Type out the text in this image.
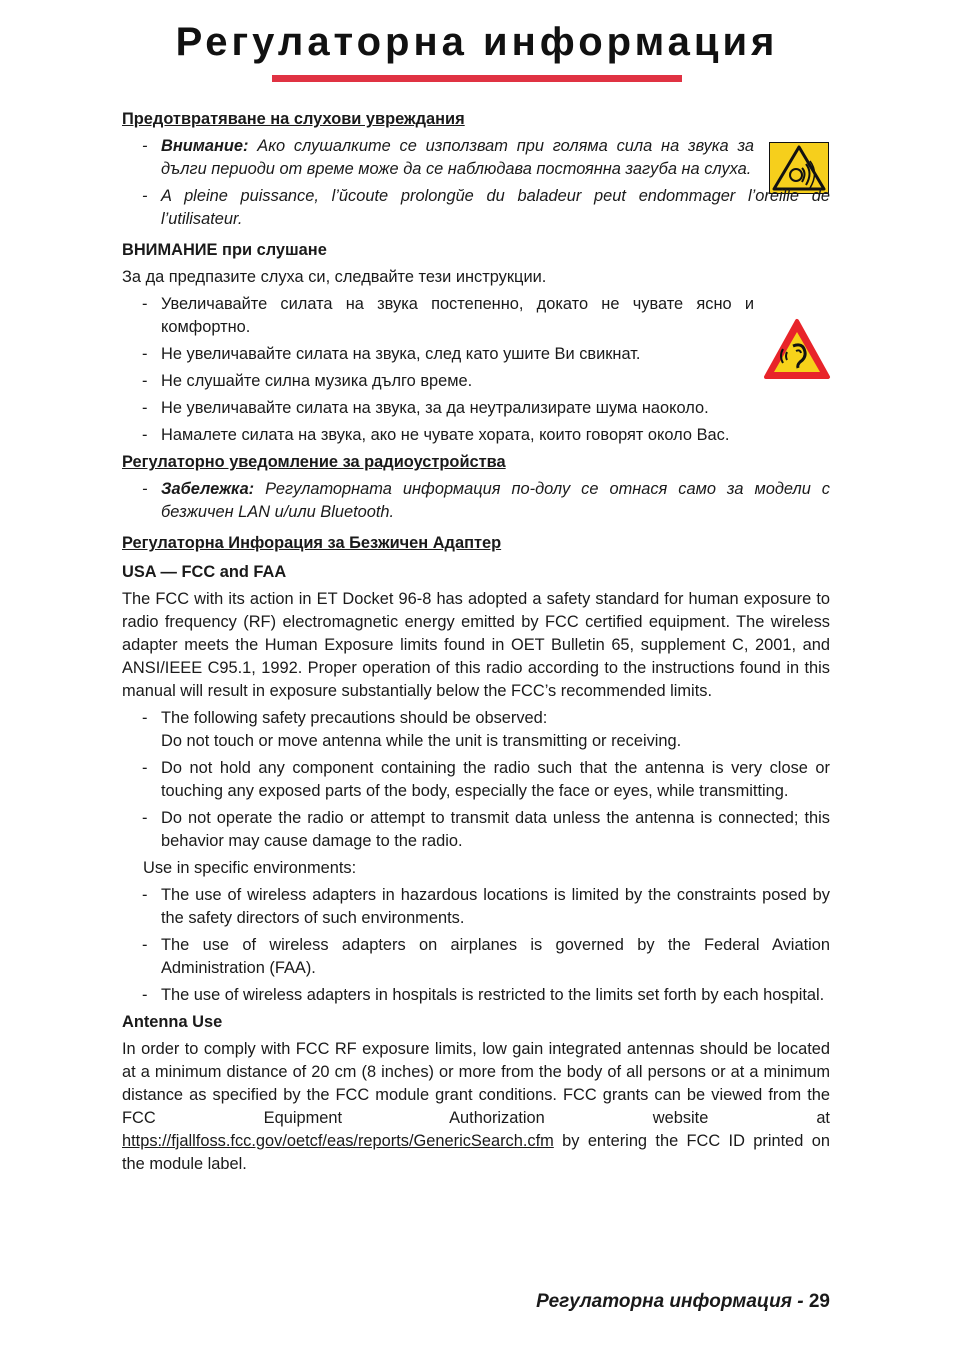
Регулаторна информация

Предотвратяване на слухови увреждания

- Внимание: Ако слушалките се използват при голяма сила на звука за дълги периоди от време може да се наблюдава постоянна загуба на слуха.
- A pleine puissance, l’ŭcoute prolongŭe du baladeur peut endommager l’oreille de l’utilisateur.

ВНИМАНИЕ при слушане

За да предпазите слуха си, следвайте тези инструкции.

- Увеличавайте силата на звука постепенно, докато не чувате ясно и комфортно.
- Не увеличавайте силата на звука, след като ушите Ви свикнат.
- Не слушайте силна музика дълго време.
- Не увеличавайте силата на звука, за да неутрализирате шума наоколо.
- Намалете силата на звука, ако не чувате хората, които говорят около Вас.

Регулаторно уведомление за радиоустройства

- Забележка: Регулаторната информация по-долу се отнася само за модели с безжичен LAN и/или Bluetooth.

Регулаторна Инфорация за Безжичен Адаптер

USA — FCC and FAA

The FCC with its action in ET Docket 96-8 has adopted a safety standard for human exposure to radio frequency (RF) electromagnetic energy emitted by FCC certified equipment. The wireless adapter meets the Human Exposure limits found in OET Bulletin 65, supplement C, 2001, and ANSI/IEEE C95.1, 1992. Proper operation of this radio according to the instructions found in this manual will result in exposure substantially below the FCC’s recommended limits.

- The following safety precautions should be observed:
Do not touch or move antenna while the unit is transmitting or receiving.
- Do not hold any component containing the radio such that the antenna is very close or touching any exposed parts of the body, especially the face or eyes, while transmitting.
- Do not operate the radio or attempt to transmit data unless the antenna is connected; this behavior may cause damage to the radio.

Use in specific environments:

- The use of wireless adapters in hazardous locations is limited by the constraints posed by the safety directors of such environments.
- The use of wireless adapters on airplanes is governed by the Federal Aviation Administration (FAA).
- The use of wireless adapters in hospitals is restricted to the limits set forth by each hospital.

Antenna Use

In order to comply with FCC RF exposure limits, low gain integrated antennas should be located at a minimum distance of 20 cm (8 inches) or more from the body of all persons or at a minimum distance as specified by the FCC module grant conditions. FCC grants can be viewed from the FCC Equipment Authorization website at https://fjallfoss.fcc.gov/oetcf/eas/reports/GenericSearch.cfm by entering the FCC ID printed on the module label.

Регулаторна информация - 29
